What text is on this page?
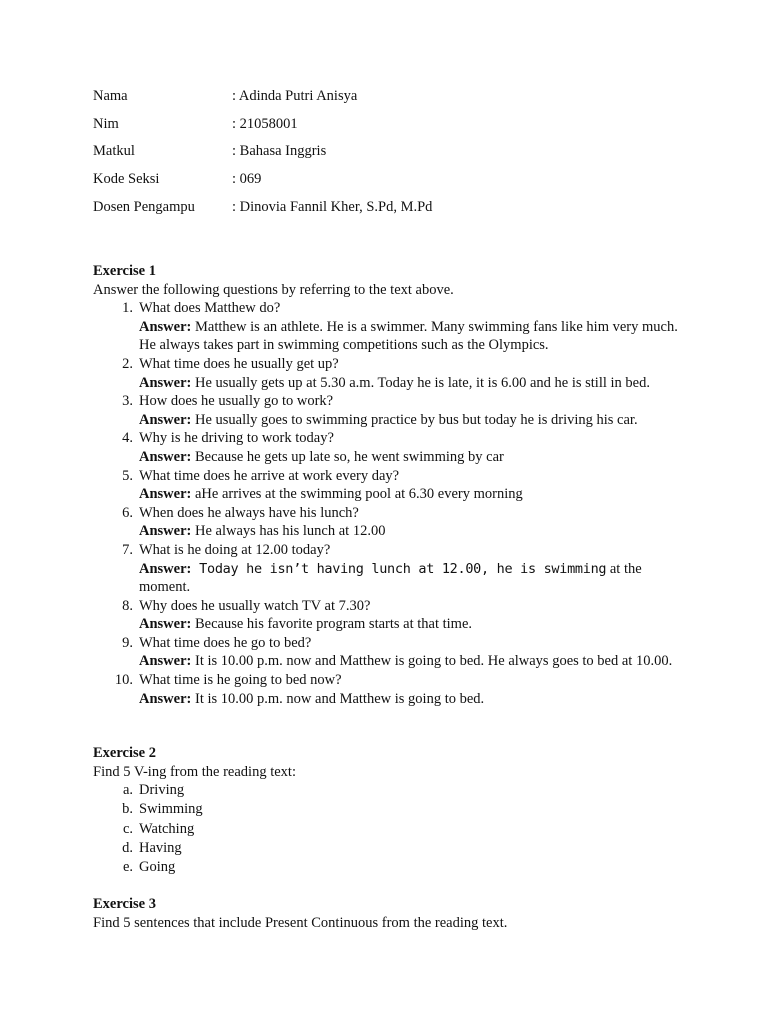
Nama	: Adinda Putri Anisya
Nim	: 21058001
Matkul	: Bahasa Inggris
Kode Seksi	: 069
Dosen Pengampu	: Dinovia Fannil Kher, S.Pd, M.Pd
Exercise 1
Answer the following questions by referring to the text above.
1. What does Matthew do?
Answer: Matthew is an athlete. He is a swimmer. Many swimming fans like him very much. He always takes part in swimming competitions such as the Olympics.
2. What time does he usually get up?
Answer: He usually gets up at 5.30 a.m. Today he is late, it is 6.00 and he is still in bed.
3. How does he usually go to work?
Answer: He usually goes to swimming practice by bus but today he is driving his car.
4. Why is he driving to work today?
Answer: Because he gets up late so, he went swimming by car
5. What time does he arrive at work every day?
Answer: aHe arrives at the swimming pool at 6.30 every morning
6. When does he always have his lunch?
Answer: He always has his lunch at 12.00
7. What is he doing at 12.00 today?
Answer: Today he isn’t having lunch at 12.00, he is swimming at the moment.
8. Why does he usually watch TV at 7.30?
Answer: Because his favorite program starts at that time.
9. What time does he go to bed?
Answer: It is 10.00 p.m. now and Matthew is going to bed. He always goes to bed at 10.00.
10. What time is he going to bed now?
Answer: It is 10.00 p.m. now and Matthew is going to bed.
Exercise 2
Find 5 V-ing from the reading text:
a. Driving
b. Swimming
c. Watching
d. Having
e. Going
Exercise 3
Find 5 sentences that include Present Continuous from the reading text.
